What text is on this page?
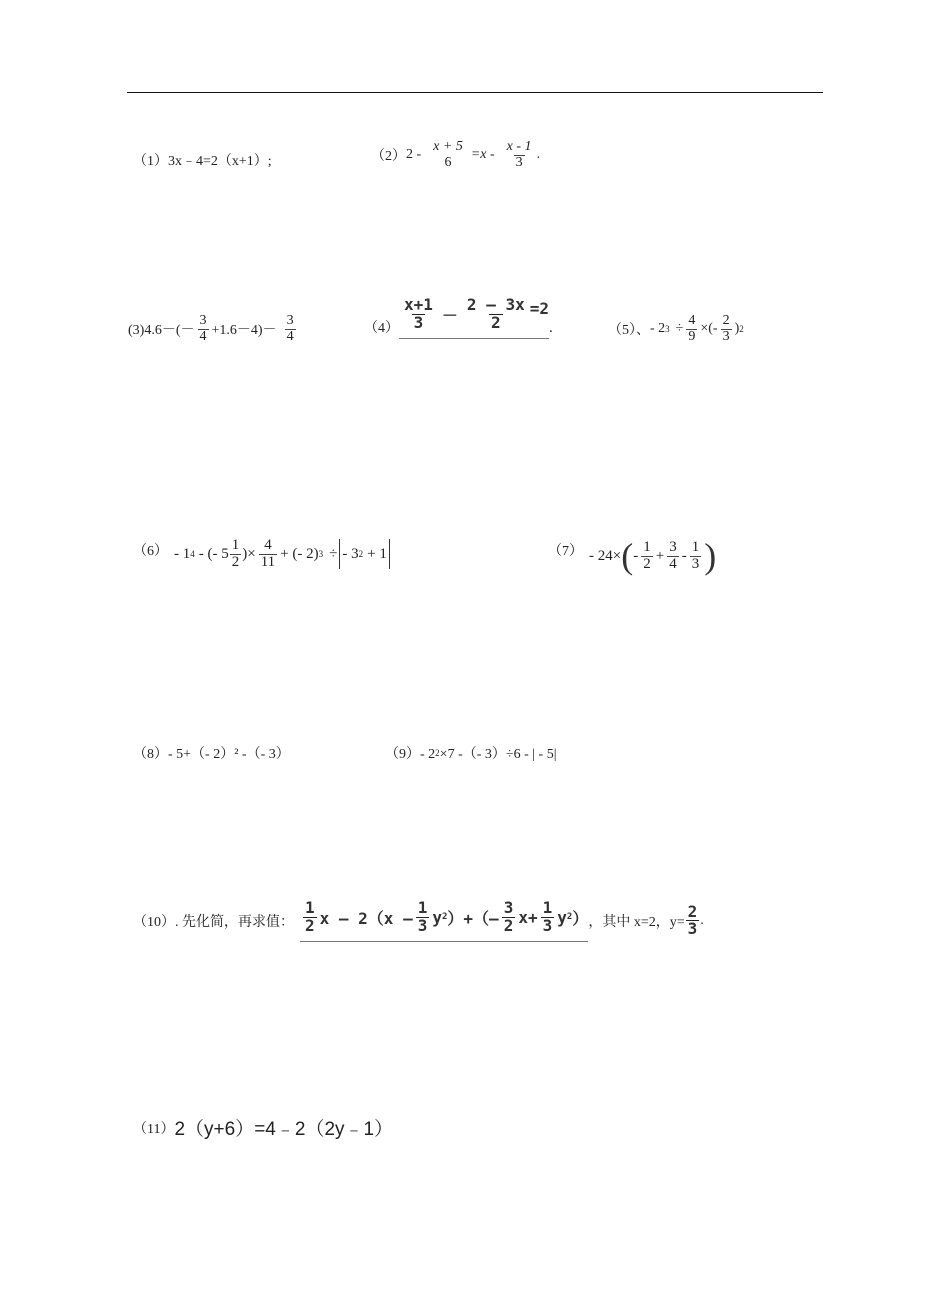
（1）3x﹣4=2（x+1）;	（2） $2 - \frac{x + 5}{6} =x - \frac{x - 1}{3}$ .
$(3)4.6-(- \frac{3}{4} +1.6-4)- \frac{3}{4}$	$(4) \frac{x+1}{3} - \frac{2 - 3x}{2} =2$
.	（5）、 - 2 $3 \div \frac{4}{9}$ ×(- $\frac{2}{3}$ ) 2
（6） - 1 4 - (- $5 \frac{1}{2}$ )× $\frac{4}{11}$ + (- 2) 3 ÷ - 3 2 + 1	（7） - 24× ( - $\frac{1}{2} + \frac{3}{4} - \frac{1}{3}$ )
（8）- 5+（- 2）² -（- 3）	（9）- 2 2 ×7 -（- 3）÷6 - | - 5|
（10）. 先化简，再求值： $\frac{1}{2}$ x – $2(x - \frac{1}{3}$ y 2 ）+（– $\frac{3}{2} x+ \frac{1}{3}$ y 2 ） ，其中 x=2，$y= \frac{2}{3}$ .
（11） 2（y+6）=4﹣2（2y﹣1）
